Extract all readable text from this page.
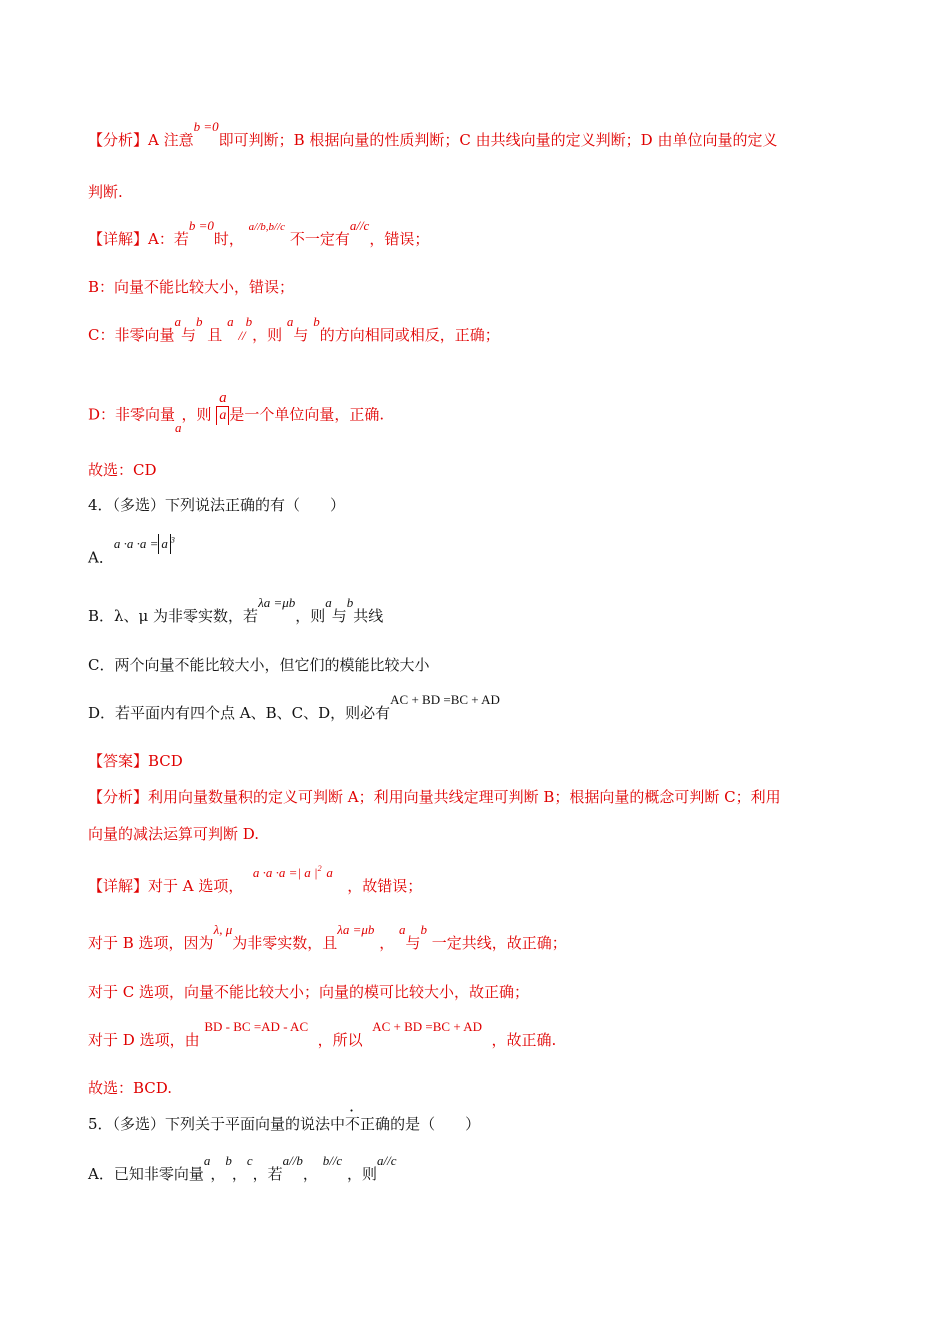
【分析】A 注意b =0即可判断；B 根据向量的性质判断；C 由共线向量的定义判断；D 由单位向量的定义
判断.
【详解】A：若b =0时， $^{a//b,b//c}$ 不一定有a//c，错误；
B：向量不能比较大小，错误；
C：非零向量a与b 且 a //b，则 a与 b的方向相同或相反，正确；
D：非零向量a，则 $\frac{a}{a}$ 是一个单位向量，正确.
故选：CD
4．（多选）下列说法正确的有（　　）
A．a ·a ·a = a $^3$
B．λ、μ 为非零实数，若λa =μb，则a与b共线
C．两个向量不能比较大小，但它们的模能比较大小
D．若平面内有四个点 A、B、C、D，则必有AC + BD =BC + AD
【答案】BCD
【分析】利用向量数量积的定义可判断 A；利用向量共线定理可判断 B；根据向量的概念可判断 C；利用
向量的减法运算可判断 D.
【详解】对于 A 选项，  a ·a ·a =| a $|^2$ a   ，故错误；
对于 B 选项，因为λ, μ为非零实数，且λa =μb ， a与b 一定共线，故正确；
对于 C 选项，向量不能比较大小；向量的模可比较大小，故正确；
对于 D 选项，由 BD - BC =AD - AC  ，所以  AC + BD =BC + AD  ，故正确.
故选：BCD.
5．（多选）下列关于平面向量的说法中不正确的是（　　）
A．已知非零向量a，b，c，若a//b， b//c ，则a//c
